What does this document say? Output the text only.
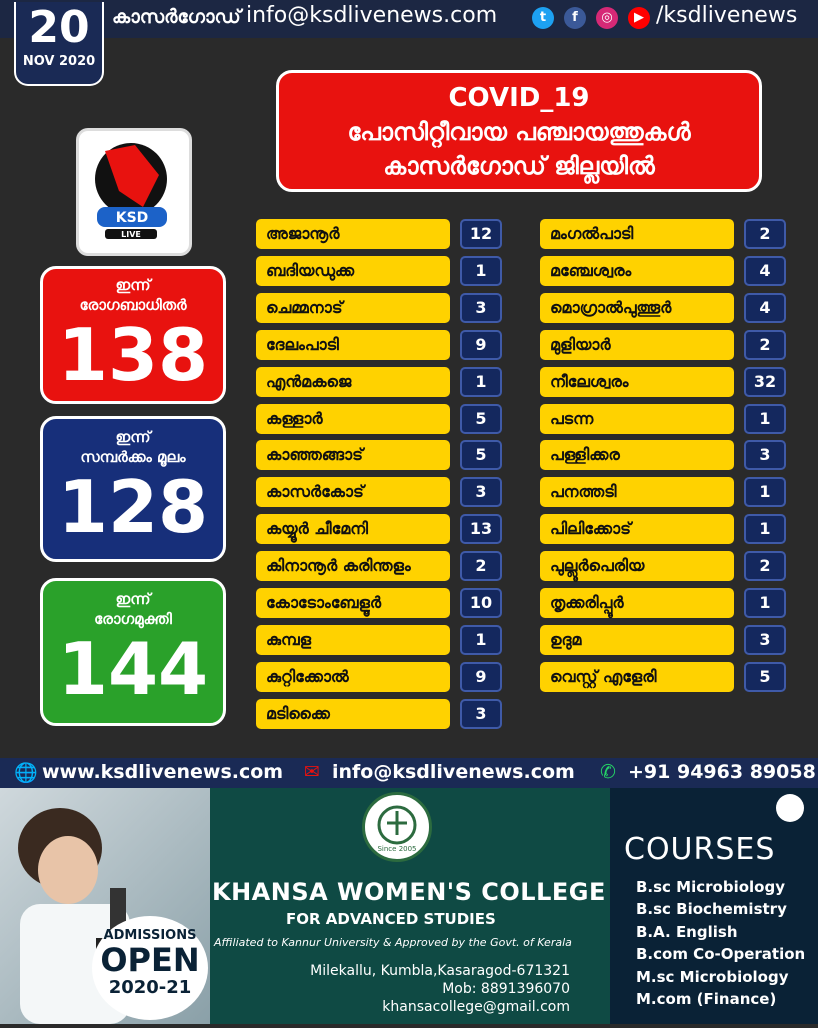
20
NOV 2020
കാസർഗോഡ് info@ksdlivenews.com	t	f	◎	▶ /ksdlivenews
COVID_19
പോസിറ്റീവായ പഞ്ചായത്തുകൾ
കാസർഗോഡ് ജില്ലയിൽ
KSD
LIVE
ഇന്ന്
രോഗബാധിതർ
138
ഇന്ന്
സമ്പർക്കം മൂലം
128
ഇന്ന്
രോഗമുക്തി
144
അജാനൂർ	12
ബദിയഡുക്ക	1
ചെമ്മനാട്	3
ദേലംപാടി	9
എൻമകജെ	1
കള്ളാർ	5
കാഞ്ഞങ്ങാട്	5
കാസർകോട്	3
കയ്യൂർ ചീമേനി	13
കിനാനൂർ കരിന്തളം	2
കോടോംബേളൂർ	10
കുമ്പള	1
കുറ്റിക്കോൽ	9
മടിക്കൈ	3
മംഗൽപാടി	2
മഞ്ചേശ്വരം	4
മൊഗ്രാൽപുത്തൂർ	4
മുളിയാർ	2
നീലേശ്വരം	32
പടന്ന	1
പള്ളിക്കര	3
പനത്തടി	1
പിലിക്കോട്	1
പുല്ലൂർപെരിയ	2
തൃക്കരിപ്പൂർ	1
ഉദുമ	3
വെസ്റ്റ് എളേരി	5
🌐 www.ksdlivenews.com ✉ info@ksdlivenews.com ✆ +91 94963 89058
Since 2005
KHANSA WOMEN'S COLLEGE
FOR ADVANCED STUDIES
Affiliated to Kannur University & Approved by the Govt. of Kerala
Milekallu, Kumbla,Kasaragod-671321
Mob: 8891396070
khansacollege@gmail.com
ADMISSIONS
OPEN
2020-21
COURSES
B.sc Microbiology
B.sc Biochemistry
B.A. English
B.com Co-Operation
M.sc Microbiology
M.com (Finance)
